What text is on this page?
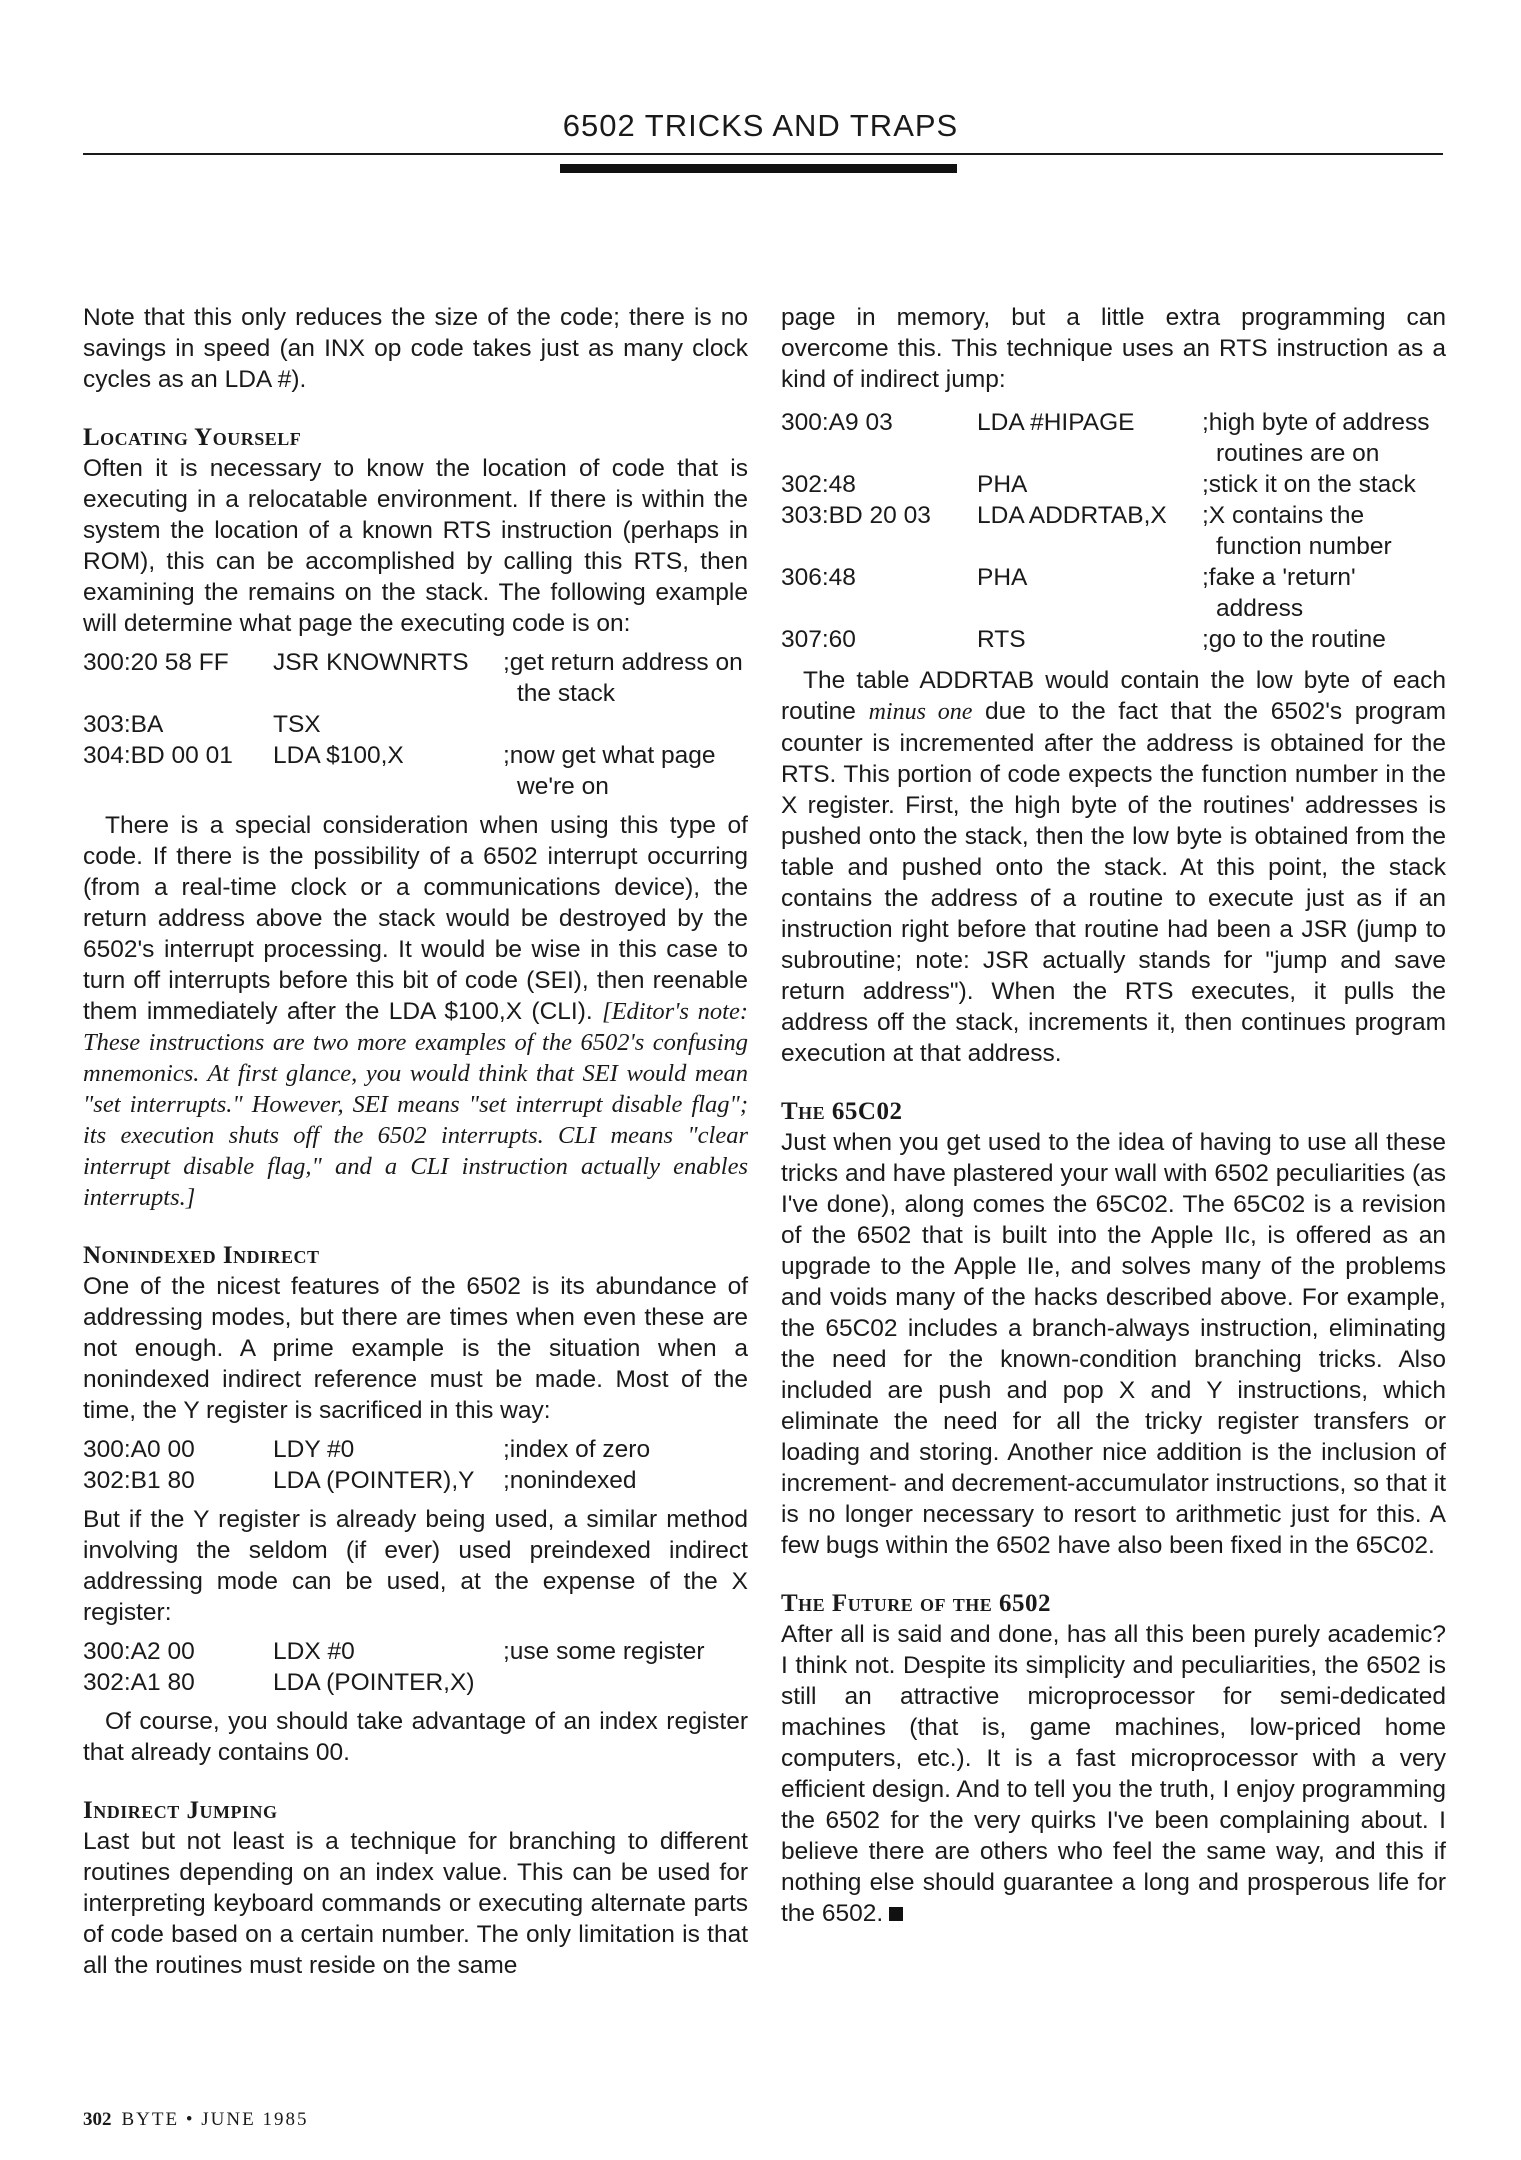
6502 TRICKS AND TRAPS

Note that this only reduces the size of the code; there is no savings in speed (an INX op code takes just as many clock cycles as an LDA #).

Locating Yourself

Often it is necessary to know the location of code that is executing in a relocatable environment. If there is within the system the location of a known RTS instruction (perhaps in ROM), this can be accomplished by calling this RTS, then examining the remains on the stack. The following example will determine what page the executing code is on:

300:20 58 FF	JSR KNOWNRTS	;get return address on the stack
303:BA	TSX	
304:BD 00 01	LDA $100,X	;now get what page we're on

There is a special consideration when using this type of code. If there is the possibility of a 6502 interrupt occurring (from a real-time clock or a communications device), the return address above the stack would be destroyed by the 6502's interrupt processing. It would be wise in this case to turn off interrupts before this bit of code (SEI), then reenable them immediately after the LDA $100,X (CLI). [Editor's note: These instructions are two more examples of the 6502's confusing mnemonics. At first glance, you would think that SEI would mean "set interrupts." However, SEI means "set interrupt disable flag"; its execution shuts off the 6502 interrupts. CLI means "clear interrupt disable flag," and a CLI instruction actually enables interrupts.]

Nonindexed Indirect

One of the nicest features of the 6502 is its abundance of addressing modes, but there are times when even these are not enough. A prime example is the situation when a nonindexed indirect reference must be made. Most of the time, the Y register is sacrificed in this way:

300:A0 00	LDY #0	;index of zero
302:B1 80	LDA (POINTER),Y	;nonindexed

But if the Y register is already being used, a similar method involving the seldom (if ever) used preindexed indirect addressing mode can be used, at the expense of the X register:

300:A2 00	LDX #0	;use some register
302:A1 80	LDA (POINTER,X)	

Of course, you should take advantage of an index register that already contains 00.

Indirect Jumping

Last but not least is a technique for branching to different routines depending on an index value. This can be used for interpreting keyboard commands or executing alternate parts of code based on a certain number. The only limitation is that all the routines must reside on the same

page in memory, but a little extra programming can overcome this. This technique uses an RTS instruction as a kind of indirect jump:

300:A9 03	LDA #HIPAGE	;high byte of address routines are on
302:48	PHA	;stick it on the stack
303:BD 20 03	LDA ADDRTAB,X	;X contains the function number
306:48	PHA	;fake a 'return' address
307:60	RTS	;go to the routine

The table ADDRTAB would contain the low byte of each routine minus one due to the fact that the 6502's program counter is incremented after the address is obtained for the RTS. This portion of code expects the function number in the X register. First, the high byte of the routines' addresses is pushed onto the stack, then the low byte is obtained from the table and pushed onto the stack. At this point, the stack contains the address of a routine to execute just as if an instruction right before that routine had been a JSR (jump to subroutine; note: JSR actually stands for "jump and save return address"). When the RTS executes, it pulls the address off the stack, increments it, then continues program execution at that address.

The 65C02

Just when you get used to the idea of having to use all these tricks and have plastered your wall with 6502 peculiarities (as I've done), along comes the 65C02. The 65C02 is a revision of the 6502 that is built into the Apple IIc, is offered as an upgrade to the Apple IIe, and solves many of the problems and voids many of the hacks described above. For example, the 65C02 includes a branch-always instruction, eliminating the need for the known-condition branching tricks. Also included are push and pop X and Y instructions, which eliminate the need for all the tricky register transfers or loading and storing. Another nice addition is the inclusion of increment- and decrement-accumulator instructions, so that it is no longer necessary to resort to arithmetic just for this. A few bugs within the 6502 have also been fixed in the 65C02.

The Future of the 6502

After all is said and done, has all this been purely academic? I think not. Despite its simplicity and peculiarities, the 6502 is still an attractive microprocessor for semi-dedicated machines (that is, game machines, low-priced home computers, etc.). It is a fast microprocessor with a very efficient design. And to tell you the truth, I enjoy programming the 6502 for the very quirks I've been complaining about. I believe there are others who feel the same way, and this if nothing else should guarantee a long and prosperous life for the 6502.

302 BYTE • JUNE 1985
